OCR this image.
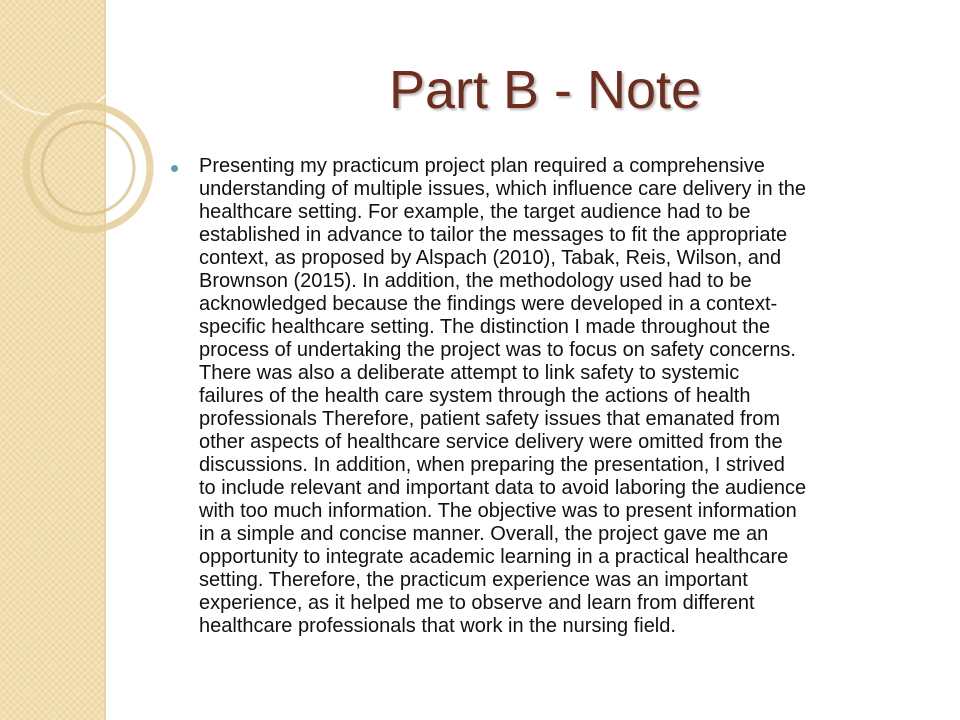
Part B - Note
Presenting my practicum project plan required a comprehensive
understanding of multiple issues, which influence care delivery in the
healthcare setting. For example, the target audience had to be
established in advance to tailor the messages to fit the appropriate
context, as proposed by Alspach (2010), Tabak, Reis, Wilson, and
Brownson (2015). In addition, the methodology used had to be
acknowledged because the findings were developed in a context-
specific healthcare setting. The distinction I made throughout the
process of undertaking the project was to focus on safety concerns.
There was also a deliberate attempt to link safety to systemic
failures of the health care system through the actions of health
professionals Therefore, patient safety issues that emanated from
other aspects of healthcare service delivery were omitted from the
discussions. In addition, when preparing the presentation, I strived
to include relevant and important data to avoid laboring the audience
with too much information. The objective was to present information
in a simple and concise manner. Overall, the project gave me an
opportunity to integrate academic learning in a practical healthcare
setting. Therefore, the practicum experience was an important
experience, as it helped me to observe and learn from different
healthcare professionals that work in the nursing field.
